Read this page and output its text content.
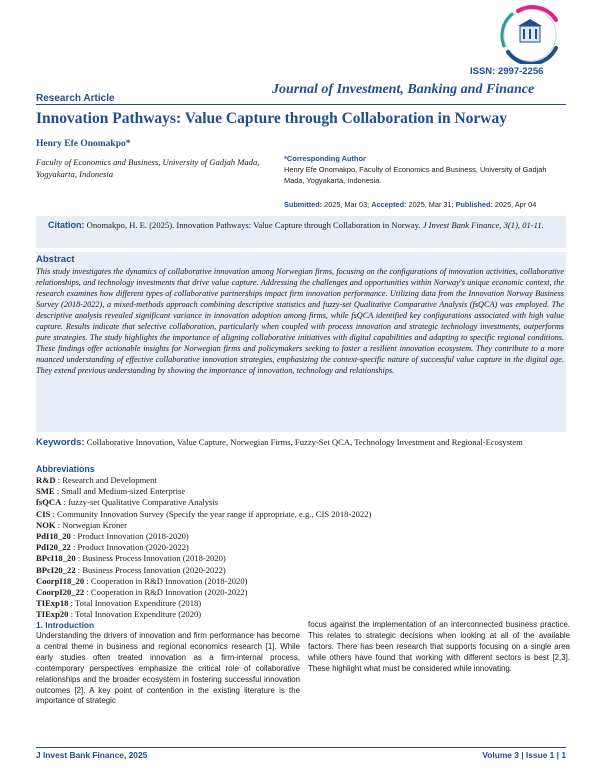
ISSN: 2997-2256
Research Article
Journal of Investment, Banking and Finance
Innovation Pathways: Value Capture through Collaboration in Norway
Henry Efe Onomakpo*
Faculty of Economics and Business, University of Gadjah Mada, Yogyakarta, Indonesia
*Corresponding Author
Henry Efe Onomakpo, Faculty of Economics and Business, University of Gadjah Mada, Yogyakarta, Indonesia.
Submitted: 2025, Mar 03; Accepted: 2025, Mar 31; Published: 2025, Apr 04
Citation: Onomakpo, H. E. (2025). Innovation Pathways: Value Capture through Collaboration in Norway. J Invest Bank Finance, 3(1), 01-11.
Abstract
This study investigates the dynamics of collaborative innovation among Norwegian firms, focusing on the configurations of innovation activities, collaborative relationships, and technology investments that drive value capture. Addressing the challenges and opportunities within Norway's unique economic context, the research examines how different types of collaborative partnerships impact firm innovation performance. Utilizing data from the Innovation Norway Business Survey (2018-2022), a mixed-methods approach combining descriptive statistics and fuzzy-set Qualitative Comparative Analysis (fsQCA) was employed. The descriptive analysis revealed significant variance in innovation adoption among firms, while fsQCA identified key configurations associated with high value capture. Results indicate that selective collaboration, particularly when coupled with process innovation and strategic technology investments, outperforms pure strategies. The study highlights the importance of aligning collaborative initiatives with digital capabilities and adapting to specific regional conditions. These findings offer actionable insights for Norwegian firms and policymakers seeking to foster a resilient innovation ecosystem. They contribute to a more nuanced understanding of effective collaborative innovation strategies, emphasizing the context-specific nature of successful value capture in the digital age. They extend previous understanding by showing the importance of innovation, technology and relationships.
Keywords: Collaborative Innovation, Value Capture, Norwegian Firms, Fuzzy-Set QCA, Technology Investment and Regional-Ecosystem
Abbreviations
R&D : Research and Development
SME : Small and Medium-sized Enterprise
fsQCA : fuzzy-set Qualitative Comparative Analysis
CIS : Community Innovation Survey (Specify the year range if appropriate, e.g., CIS 2018-2022)
NOK : Norwegian Kroner
PdI18_20 : Product Innovation (2018-2020)
PdI20_22 : Product Innovation (2020-2022)
BPcI18_20 : Business Process Innovation (2018-2020)
BPcI20_22 : Business Process Innovation (2020-2022)
CoorpI18_20 : Cooperation in R&D Innovation (2018-2020)
CoorpI20_22 : Cooperation in R&D Innovation (2020-2022)
TIExp18 : Total Innovation Expenditure (2018)
TIExp20 : Total Innovation Expenditure (2020)
1. Introduction
Understanding the drivers of innovation and firm performance has become a central theme in business and regional economics research [1]. While early studies often treated innovation as a firm-internal process, contemporary perspectives emphasize the critical role of collaborative relationships and the broader ecosystem in fostering successful innovation outcomes [2]. A key point of contention in the existing literature is the importance of strategic
focus against the implementation of an interconnected business practice. This relates to strategic decisions when looking at all of the available factors. There has been research that supports focusing on a single area while others have found that working with different sectors is best [2,3]. These highlight what must be considered while innovating.
J Invest Bank Finance, 2025	Volume 3 | Issue 1 | 1
